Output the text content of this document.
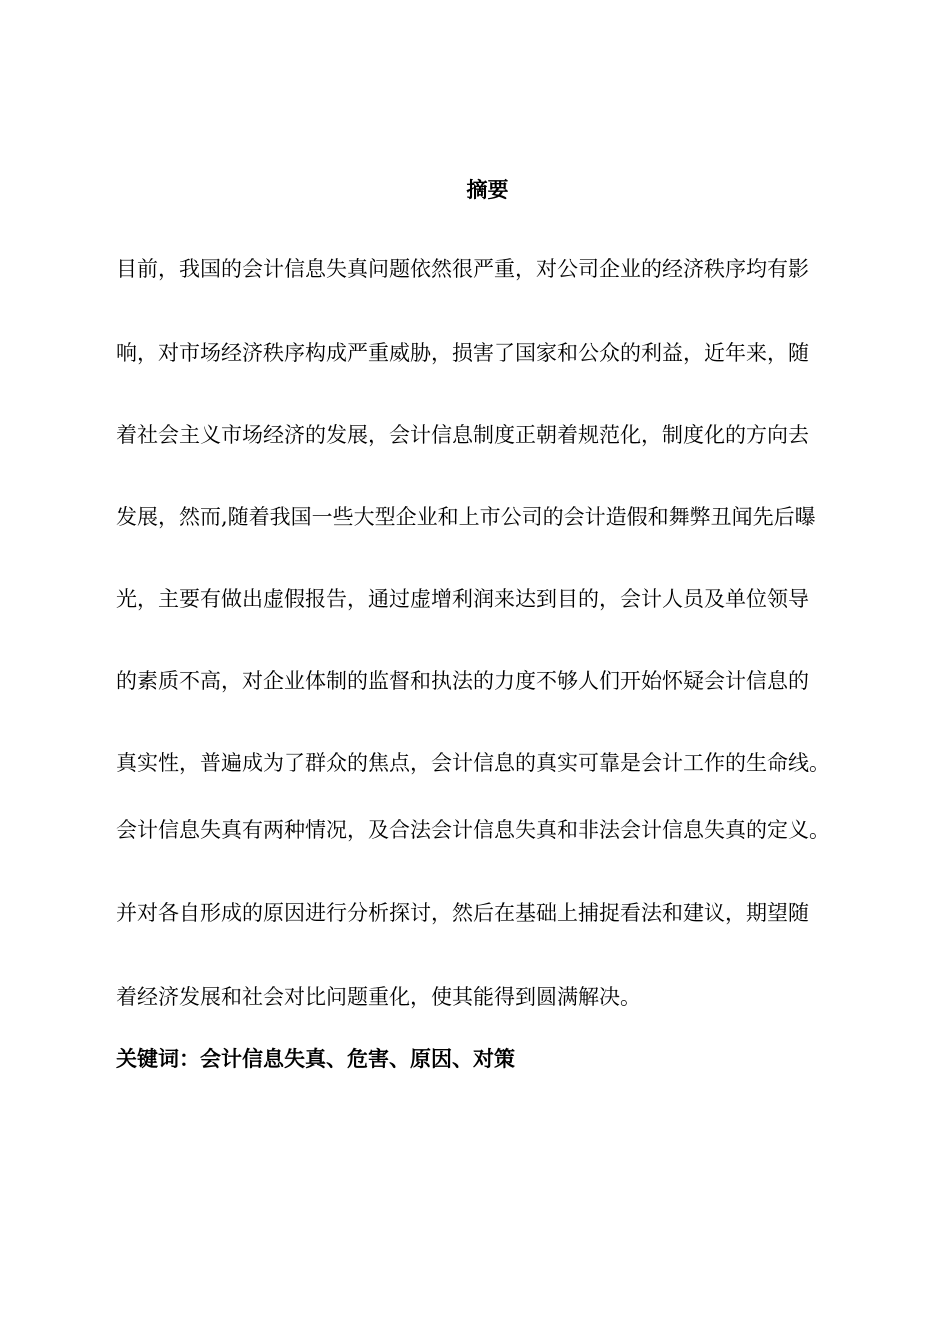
摘要
目前，我国的会计信息失真问题依然很严重，对公司企业的经济秩序均有影
响，对市场经济秩序构成严重威胁，损害了国家和公众的利益，近年来，随
着社会主义市场经济的发展，会计信息制度正朝着规范化，制度化的方向去
发展，然而,随着我国一些大型企业和上市公司的会计造假和舞弊丑闻先后曝
光，主要有做出虚假报告，通过虚增利润来达到目的，会计人员及单位领导
的素质不高，对企业体制的监督和执法的力度不够人们开始怀疑会计信息的
真实性，普遍成为了群众的焦点，会计信息的真实可靠是会计工作的生命线。
会计信息失真有两种情况，及合法会计信息失真和非法会计信息失真的定义。
并对各自形成的原因进行分析探讨，然后在基础上捕捉看法和建议，期望随
着经济发展和社会对比问题重化，使其能得到圆满解决。
关键词：会计信息失真、危害、原因、对策
